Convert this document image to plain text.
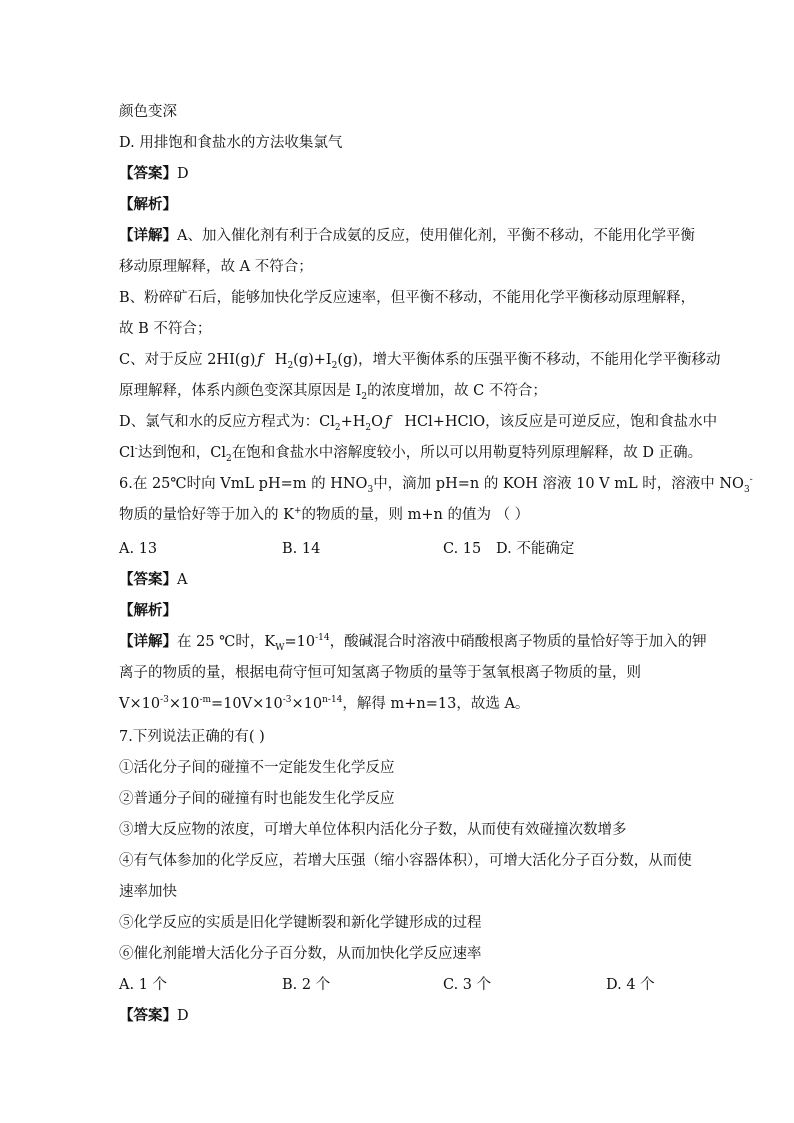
颜色变深
D. 用排饱和食盐水的方法收集氯气
【答案】D
【解析】
【详解】A、加入催化剂有利于合成氨的反应，使用催化剂，平衡不移动，不能用化学平衡
移动原理解释，故 A 不符合；
B、粉碎矿石后，能够加快化学反应速率，但平衡不移动，不能用化学平衡移动原理解释，
故 B 不符合；
C、对于反应 2HI(g) ƒ $H_2(g)+I_2(g)$，增大平衡体系的压强平衡不移动，不能用化学平衡移动
原理解释，体系内颜色变深其原因是 $I_2$的浓度增加，故 C 不符合；
D、氯气和水的反应方程式为：$Cl_2+H_2O$ ƒ HCl+HClO，该反应是可逆反应，饱和食盐水中
Cl-达到饱和，$Cl_2$在饱和食盐水中溶解度较小，所以可以用勒夏特列原理解释，故 D 正确。
6.在 25℃时向 VmL pH=m 的 $HNO_3$中，滴加 pH=n 的 KOH 溶液 10 V mL 时，溶液中 $NO_3^-$
物质的量恰好等于加入的 K+的物质的量，则 m+n 的值为 （ ）
A. 13	B. 14	C. 15 D. 不能确定
【答案】A
【解析】
【详解】在 25 ℃时，$K_W=10^{-14}$，酸碱混合时溶液中硝酸根离子物质的量恰好等于加入的钾
离子的物质的量，根据电荷守恒可知氢离子物质的量等于氢氧根离子物质的量，则
$V\times 10^{-3}\times 10^{-m}=10V\times 10^{-3}\times 10^{n-14}$，解得 m+n=13，故选 A。
7.下列说法正确的有( )
①活化分子间的碰撞不一定能发生化学反应
②普通分子间的碰撞有时也能发生化学反应
③增大反应物的浓度，可增大单位体积内活化分子数，从而使有效碰撞次数增多
④有气体参加的化学反应，若增大压强（缩小容器体积），可增大活化分子百分数，从而使
速率加快
⑤化学反应的实质是旧化学键断裂和新化学键形成的过程
⑥催化剂能增大活化分子百分数，从而加快化学反应速率
A. 1 个	B. 2 个	C. 3 个	D. 4 个
【答案】D
